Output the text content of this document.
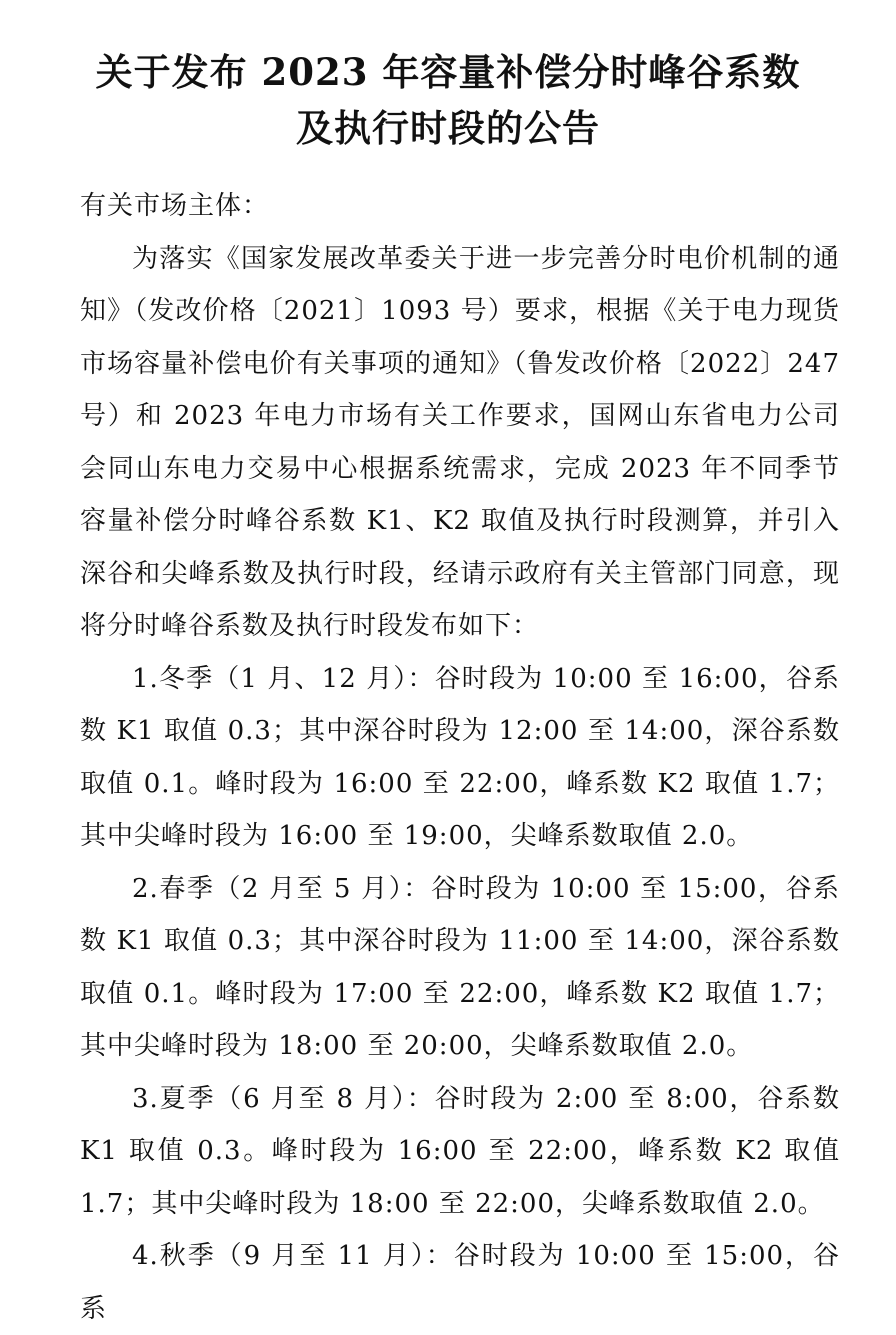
关于发布 2023 年容量补偿分时峰谷系数
及执行时段的公告

有关市场主体：

为落实《国家发展改革委关于进一步完善分时电价机制的通知》（发改价格〔2021〕1093 号）要求，根据《关于电力现货市场容量补偿电价有关事项的通知》（鲁发改价格〔2022〕247 号）和 2023 年电力市场有关工作要求，国网山东省电力公司会同山东电力交易中心根据系统需求，完成 2023 年不同季节容量补偿分时峰谷系数 K1、K2 取值及执行时段测算，并引入深谷和尖峰系数及执行时段，经请示政府有关主管部门同意，现将分时峰谷系数及执行时段发布如下：

1.冬季（1 月、12 月）：谷时段为 10:00 至 16:00，谷系数 K1 取值 0.3；其中深谷时段为 12:00 至 14:00，深谷系数取值 0.1。峰时段为 16:00 至 22:00，峰系数 K2 取值 1.7；其中尖峰时段为 16:00 至 19:00，尖峰系数取值 2.0。

2.春季（2 月至 5 月）：谷时段为 10:00 至 15:00，谷系数 K1 取值 0.3；其中深谷时段为 11:00 至 14:00，深谷系数取值 0.1。峰时段为 17:00 至 22:00，峰系数 K2 取值 1.7；其中尖峰时段为 18:00 至 20:00，尖峰系数取值 2.0。

3.夏季（6 月至 8 月）：谷时段为 2:00 至 8:00，谷系数 K1 取值 0.3。峰时段为 16:00 至 22:00，峰系数 K2 取值 1.7；其中尖峰时段为 18:00 至 22:00，尖峰系数取值 2.0。

4.秋季（9 月至 11 月）：谷时段为 10:00 至 15:00，谷系
